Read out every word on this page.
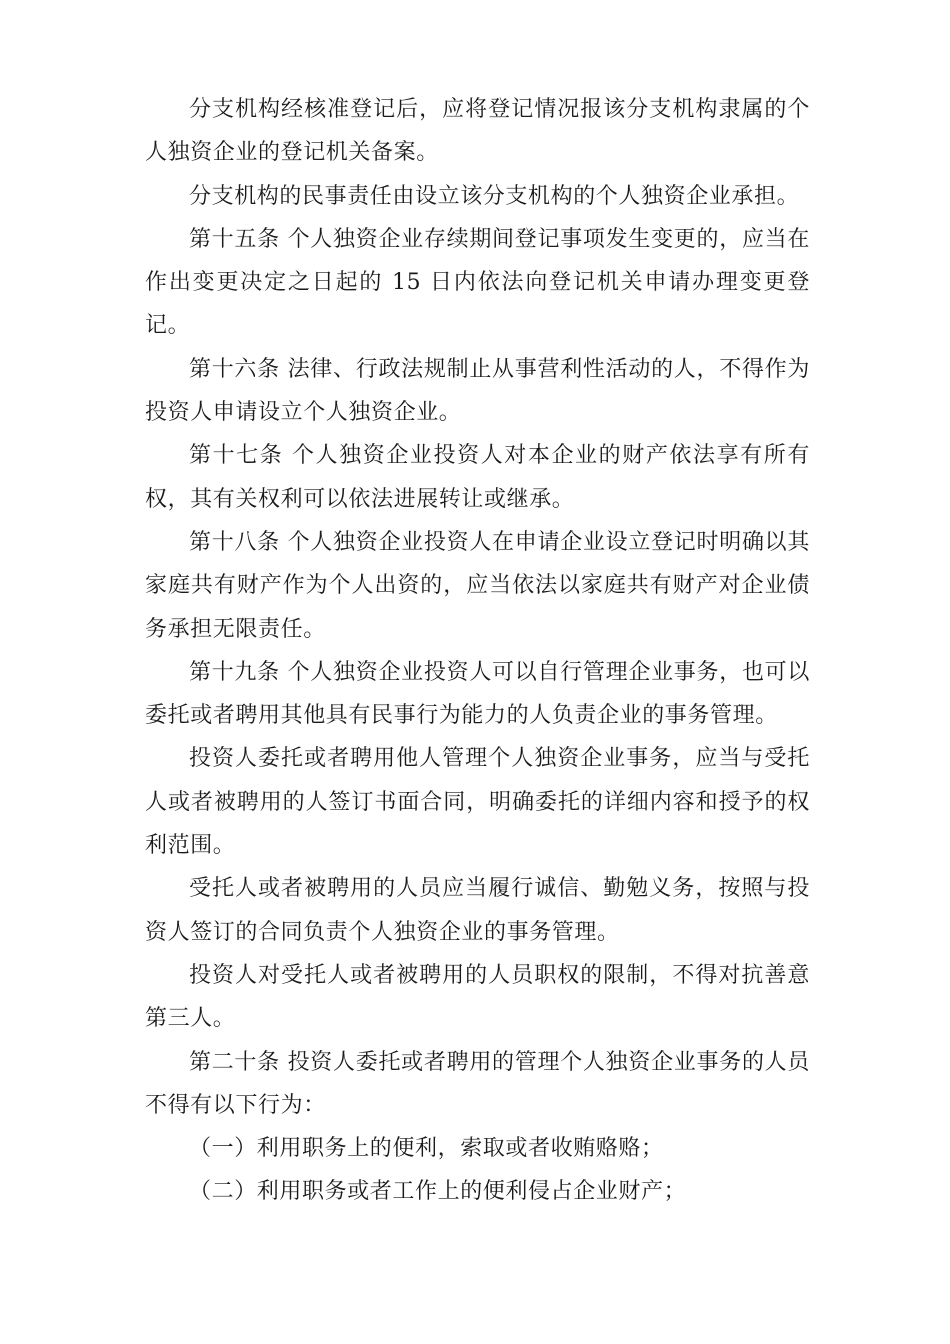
分支机构经核准登记后，应将登记情况报该分支机构隶属的个人独资企业的登记机关备案。

分支机构的民事责任由设立该分支机构的个人独资企业承担。

第十五条 个人独资企业存续期间登记事项发生变更的，应当在作出变更决定之日起的 15 日内依法向登记机关申请办理变更登记。

第十六条 法律、行政法规制止从事营利性活动的人，不得作为投资人申请设立个人独资企业。

第十七条 个人独资企业投资人对本企业的财产依法享有所有权，其有关权利可以依法进展转让或继承。

第十八条 个人独资企业投资人在申请企业设立登记时明确以其家庭共有财产作为个人出资的，应当依法以家庭共有财产对企业债务承担无限责任。

第十九条 个人独资企业投资人可以自行管理企业事务，也可以委托或者聘用其他具有民事行为能力的人负责企业的事务管理。

投资人委托或者聘用他人管理个人独资企业事务，应当与受托人或者被聘用的人签订书面合同，明确委托的详细内容和授予的权利范围。

受托人或者被聘用的人员应当履行诚信、勤勉义务，按照与投资人签订的合同负责个人独资企业的事务管理。

投资人对受托人或者被聘用的人员职权的限制，不得对抗善意第三人。

第二十条 投资人委托或者聘用的管理个人独资企业事务的人员不得有以下行为：

（一）利用职务上的便利，索取或者收贿赂赂；

（二）利用职务或者工作上的便利侵占企业财产；
